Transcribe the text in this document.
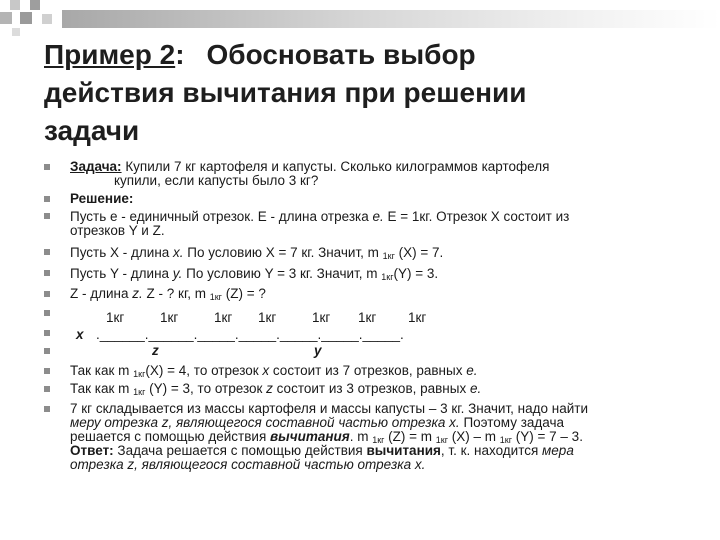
Пример 2: Обосновать выбор
действия вычитания при решении
задачи
Задача: Купили 7 кг картофеля и капусты. Сколько килограммов картофеля
купили, если капусты было 3 кг?
Решение:
Пусть е - единичный отрезок. Е - длина отрезка е. Е = 1кг. Отрезок X состоит из
отрезков Y и Z.
Пусть X - длина х. По условию X = 7 кг. Значит, m $_{1кг}$ (X) = 7.
Пусть Y - длина у. По условию Y = 3 кг. Значит, m $_{1кг}$(Y) = 3.
Z - длина z. Z - ? кг, m $_{1кг}$ (Z) = ?
1кг	1кг	1кг 1кг	1кг 1кг 1кг
х .______.______._____._____._____._____._____.
z	у
Так как m $_{1кг}$(X) = 4, то отрезок х состоит из 7 отрезков, равных е.
Так как m $_{1кг}$ (Y) = 3, то отрезок z состоит из 3 отрезков, равных е.
7 кг складывается из массы картофеля и массы капусты – 3 кг. Значит, надо найти
меру отрезка z, являющегося составной частью отрезка х. Поэтому задача
решается с помощью действия вычитания. m $_{1кг}$ (Z) = m $_{1кг}$ (X) – m $_{1кг}$ (Y) = 7 – 3.
Ответ: Задача решается с помощью действия вычитания, т. к. находится мера
отрезка z, являющегося составной частью отрезка х.
